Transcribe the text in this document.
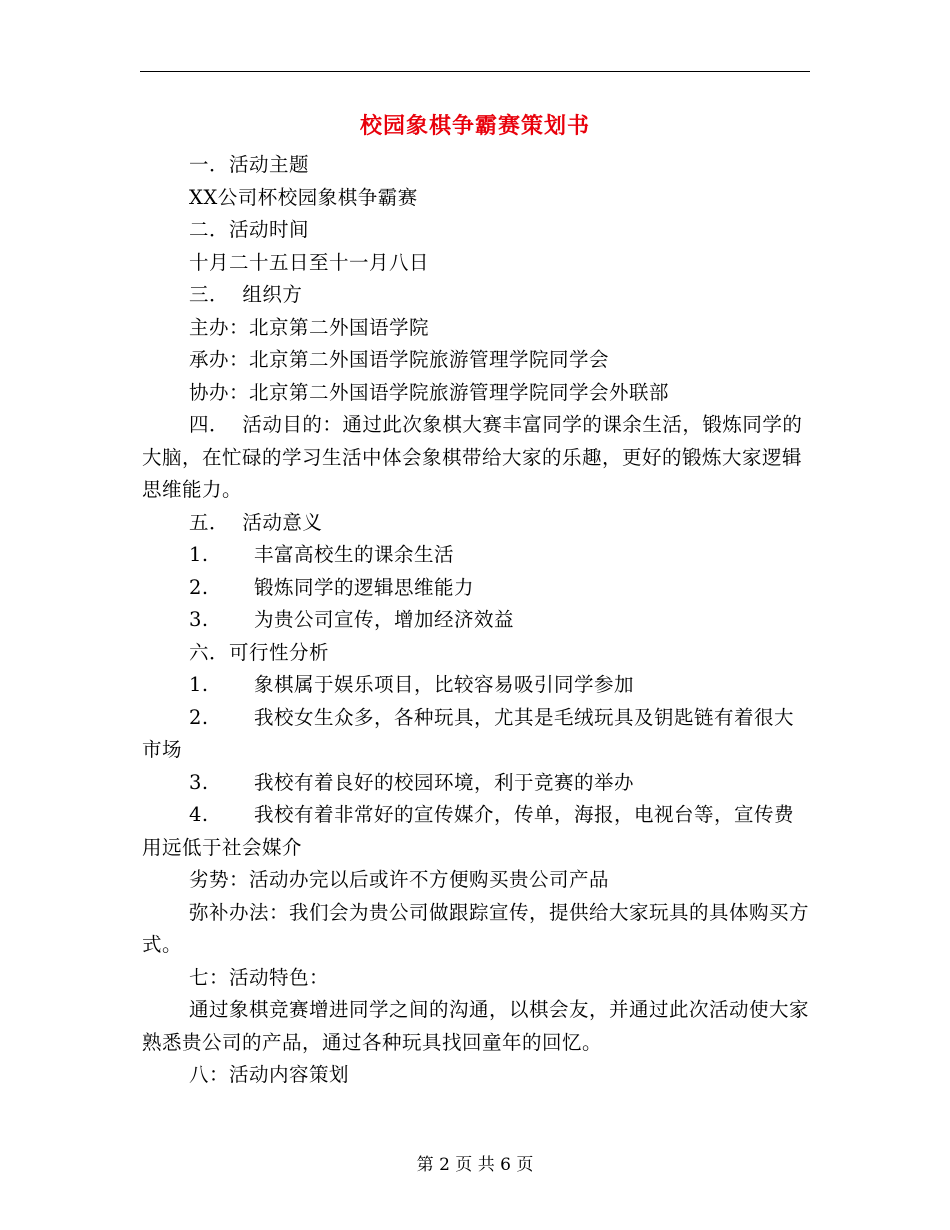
校园象棋争霸赛策划书

一．活动主题

XX公司杯校园象棋争霸赛

二．活动时间

十月二十五日至十一月八日

三．  组织方

主办：北京第二外国语学院

承办：北京第二外国语学院旅游管理学院同学会

协办：北京第二外国语学院旅游管理学院同学会外联部

四．  活动目的：通过此次象棋大赛丰富同学的课余生活，锻炼同学的大脑，在忙碌的学习生活中体会象棋带给大家的乐趣，更好的锻炼大家逻辑思维能力。

五．  活动意义

1. 丰富高校生的课余生活

2. 锻炼同学的逻辑思维能力

3. 为贵公司宣传，增加经济效益

六．可行性分析

1. 象棋属于娱乐项目，比较容易吸引同学参加

2. 我校女生众多，各种玩具，尤其是毛绒玩具及钥匙链有着很大市场

3. 我校有着良好的校园环境，利于竞赛的举办

4. 我校有着非常好的宣传媒介，传单，海报，电视台等，宣传费用远低于社会媒介

劣势：活动办完以后或许不方便购买贵公司产品

弥补办法：我们会为贵公司做跟踪宣传，提供给大家玩具的具体购买方式。

七：活动特色：

通过象棋竞赛增进同学之间的沟通，以棋会友，并通过此次活动使大家熟悉贵公司的产品，通过各种玩具找回童年的回忆。

八：活动内容策划

第 2 页 共 6 页
